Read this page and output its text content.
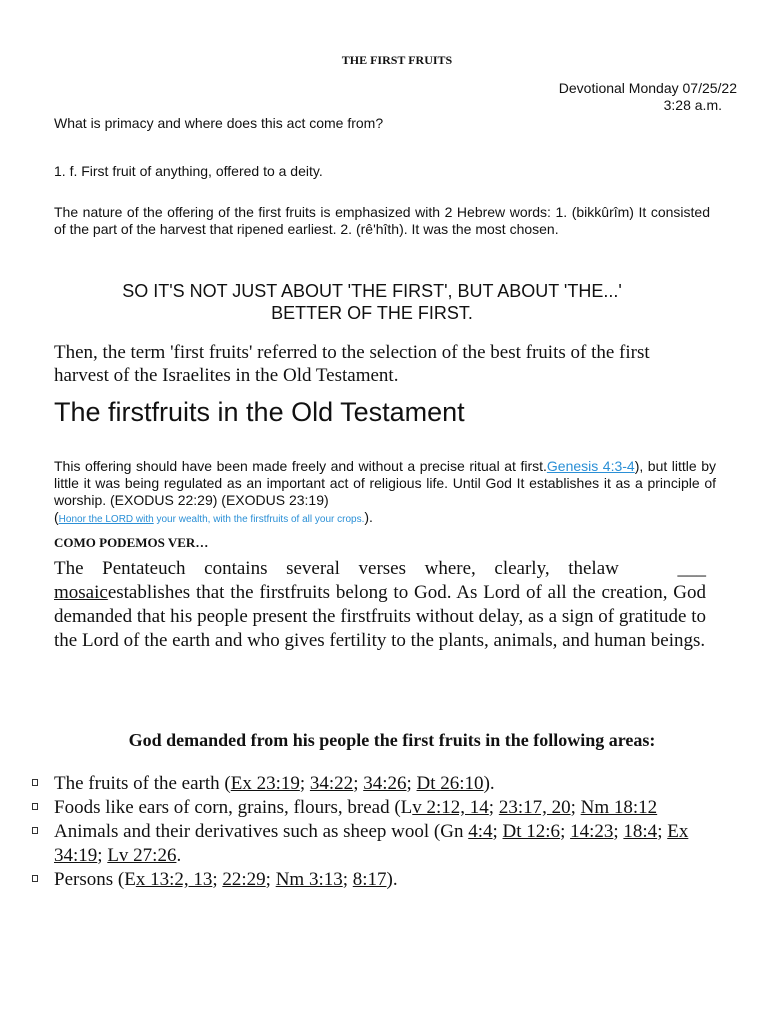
THE FIRST FRUITS
Devotional Monday 07/25/22
3:28 a.m.
What is primacy and where does this act come from?
1. f. First fruit of anything, offered to a deity.
The nature of the offering of the first fruits is emphasized with 2 Hebrew words: 1. (bikkûrîm) It consisted of the part of the harvest that ripened earliest. 2. (rê'hîth). It was the most chosen.
SO IT'S NOT JUST ABOUT 'THE FIRST', BUT ABOUT 'THE...'
BETTER OF THE FIRST.
Then, the term 'first fruits' referred to the selection of the best fruits of the first harvest of the Israelites in the Old Testament.
The firstfruits in the Old Testament
This offering should have been made freely and without a precise ritual at first.Genesis 4:3-4), but little by little it was being regulated as an important act of religious life. Until God It establishes it as a principle of worship. (EXODUS 22:29) (EXODUS 23:19)
(Honor the LORD with your wealth, with the firstfruits of all your crops.).
COMO PODEMOS VER…
The Pentateuch contains several verses where, clearly, thelaw	___ mosaicestablishes that the firstfruits belong to God. As Lord of all the creation, God demanded that his people present the firstfruits without delay, as a sign of gratitude to the Lord of the earth and who gives fertility to the plants, animals, and human beings.
God demanded from his people the first fruits in the following areas:
The fruits of the earth (Ex 23:19; 34:22; 34:26; Dt 26:10).
Foods like ears of corn, grains, flours, bread (Lv 2:12, 14; 23:17, 20; Nm 18:12
Animals and their derivatives such as sheep wool (Gn 4:4; Dt 12:6; 14:23; 18:4; Ex 34:19; Lv 27:26.
Persons (Ex 13:2, 13; 22:29; Nm 3:13; 8:17).
